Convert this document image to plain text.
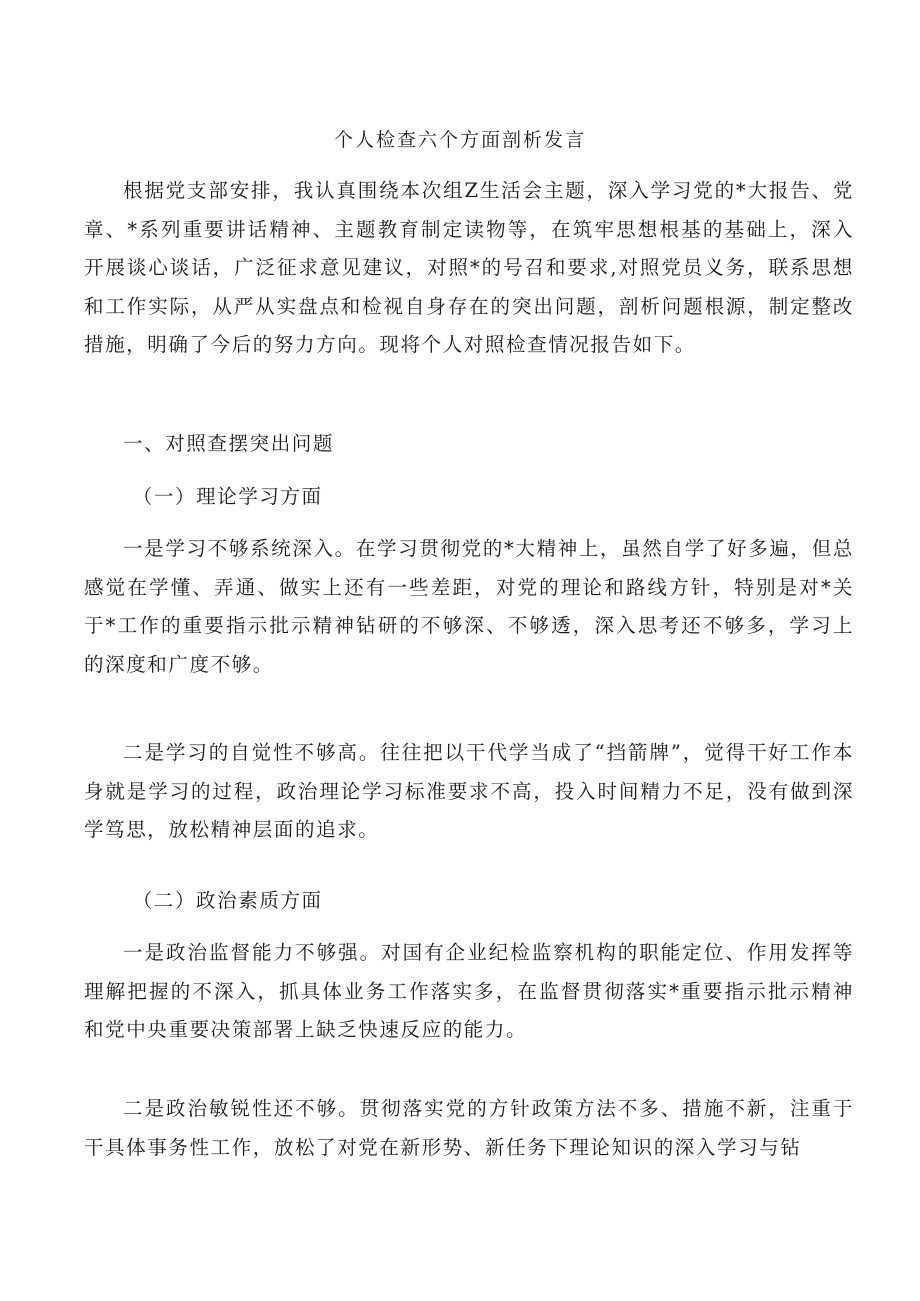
个人检查六个方面剖析发言

根据党支部安排，我认真围绕本次组Z生活会主题，深入学习党的*大报告、党章、*系列重要讲话精神、主题教育制定读物等，在筑牢思想根基的基础上，深入开展谈心谈话，广泛征求意见建议，对照*的号召和要求,对照党员义务，联系思想和工作实际，从严从实盘点和检视自身存在的突出问题，剖析问题根源，制定整改措施，明确了今后的努力方向。现将个人对照检查情况报告如下。

一、对照查摆突出问题

（一）理论学习方面

一是学习不够系统深入。在学习贯彻党的*大精神上，虽然自学了好多遍，但总感觉在学懂、弄通、做实上还有一些差距，对党的理论和路线方针，特别是对*关于*工作的重要指示批示精神钻研的不够深、不够透，深入思考还不够多，学习上的深度和广度不够。

二是学习的自觉性不够高。往往把以干代学当成了“挡箭牌”，觉得干好工作本身就是学习的过程，政治理论学习标准要求不高，投入时间精力不足，没有做到深学笃思，放松精神层面的追求。

（二）政治素质方面

一是政治监督能力不够强。对国有企业纪检监察机构的职能定位、作用发挥等理解把握的不深入，抓具体业务工作落实多，在监督贯彻落实*重要指示批示精神和党中央重要决策部署上缺乏快速反应的能力。

二是政治敏锐性还不够。贯彻落实党的方针政策方法不多、措施不新，注重于干具体事务性工作，放松了对党在新形势、新任务下理论知识的深入学习与钻
